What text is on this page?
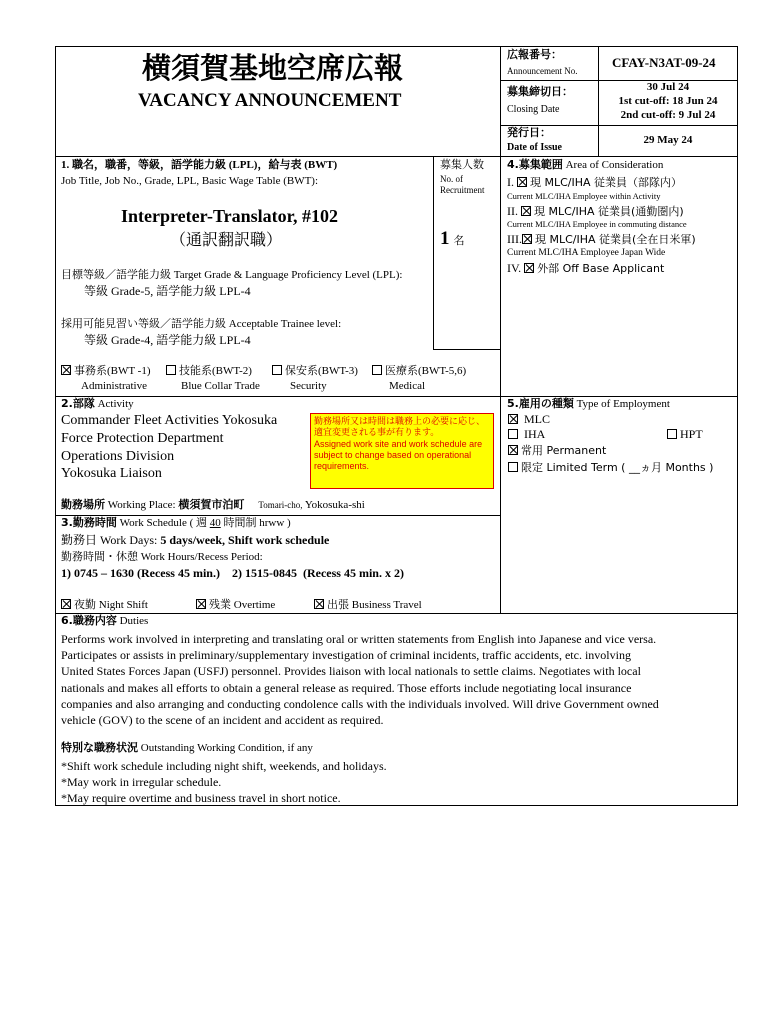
横須賀基地空席広報
VACANCY ANNOUNCEMENT
広報番号：
Announcement No.
CFAY-N3AT-09-24
募集締切日：
Closing Date
30 Jul 24
1st cut-off: 18 Jun 24
2nd cut-off: 9 Jul 24
発行日：
Date of Issue
29 May 24
募集人数
No. of
Recruitment
1 名
1. 職名，職番，等級，語学能力級 (LPL)，給与表 (BWT)
Job Title, Job No., Grade, LPL, Basic Wage Table (BWT):
Interpreter-Translator, #102
（通訳翻訳職）
目標等級／語学能力級 Target Grade & Language Proficiency Level (LPL):
等級 Grade-5, 語学能力級 LPL-4
採用可能見習い等級／語学能力級 Acceptable Trainee level:
等級 Grade-4, 語学能力級 LPL-4
事務系(BWT -1)
Administrative
技能系(BWT-2)
Blue Collar Trade
保安系(BWT-3)
Security
医療系(BWT-5,6)
Medical
4.募集範囲 Area of Consideration
I. 現 MLC/IHA 従業員（部隊内）
Current MLC/IHA Employee within Activity
II. 現 MLC/IHA 従業員(通勤圏内)
Current MLC/IHA Employee in commuting distance
III. 現 MLC/IHA 従業員(全在日米軍)
Current MLC/IHA Employee Japan Wide
IV. 外部 Off Base Applicant
2.部隊 Activity
Commander Fleet Activities Yokosuka
Force Protection Department
Operations Division
Yokosuka Liaison
勤務場所又は時間は職務上の必要に応じ、 適宜変更される事が有ります。
Assigned work site and work schedule are subject to change based on operational requirements.
勤務場所 Working Place: 横須賀市泊町 Tomari-cho, Yokosuka-shi
5.雇用の種類 Type of Employment
MLC
IHA	HPT
常用 Permanent
限定 Limited Term ( __ヵ月 Months )
3.勤務時間 Work Schedule ( 週 40 時間制 hrww )
勤務日 Work Days: 5 days/week, Shift work schedule
勤務時間・休憩 Work Hours/Recess Period:
1) 0745 – 1630 (Recess 45 min.)    2) 1515-0845  (Recess 45 min. x 2)
夜勤 Night Shift	残業 Overtime	出張 Business Travel
6.職務内容 Duties
Performs work involved in interpreting and translating oral or written statements from English into Japanese and vice versa.
Participates or assists in preliminary/supplementary investigation of criminal incidents, traffic accidents, etc. involving
United States Forces Japan (USFJ) personnel. Provides liaison with local nationals to settle claims. Negotiates with local
nationals and makes all efforts to obtain a general release as required. Those efforts include negotiating local insurance
companies and also arranging and conducting condolence calls with the individuals involved. Will drive Government owned
vehicle (GOV) to the scene of an incident and accident as required.
特別な職務状況 Outstanding Working Condition, if any
*Shift work schedule including night shift, weekends, and holidays.
*May work in irregular schedule.
*May require overtime and business travel in short notice.
